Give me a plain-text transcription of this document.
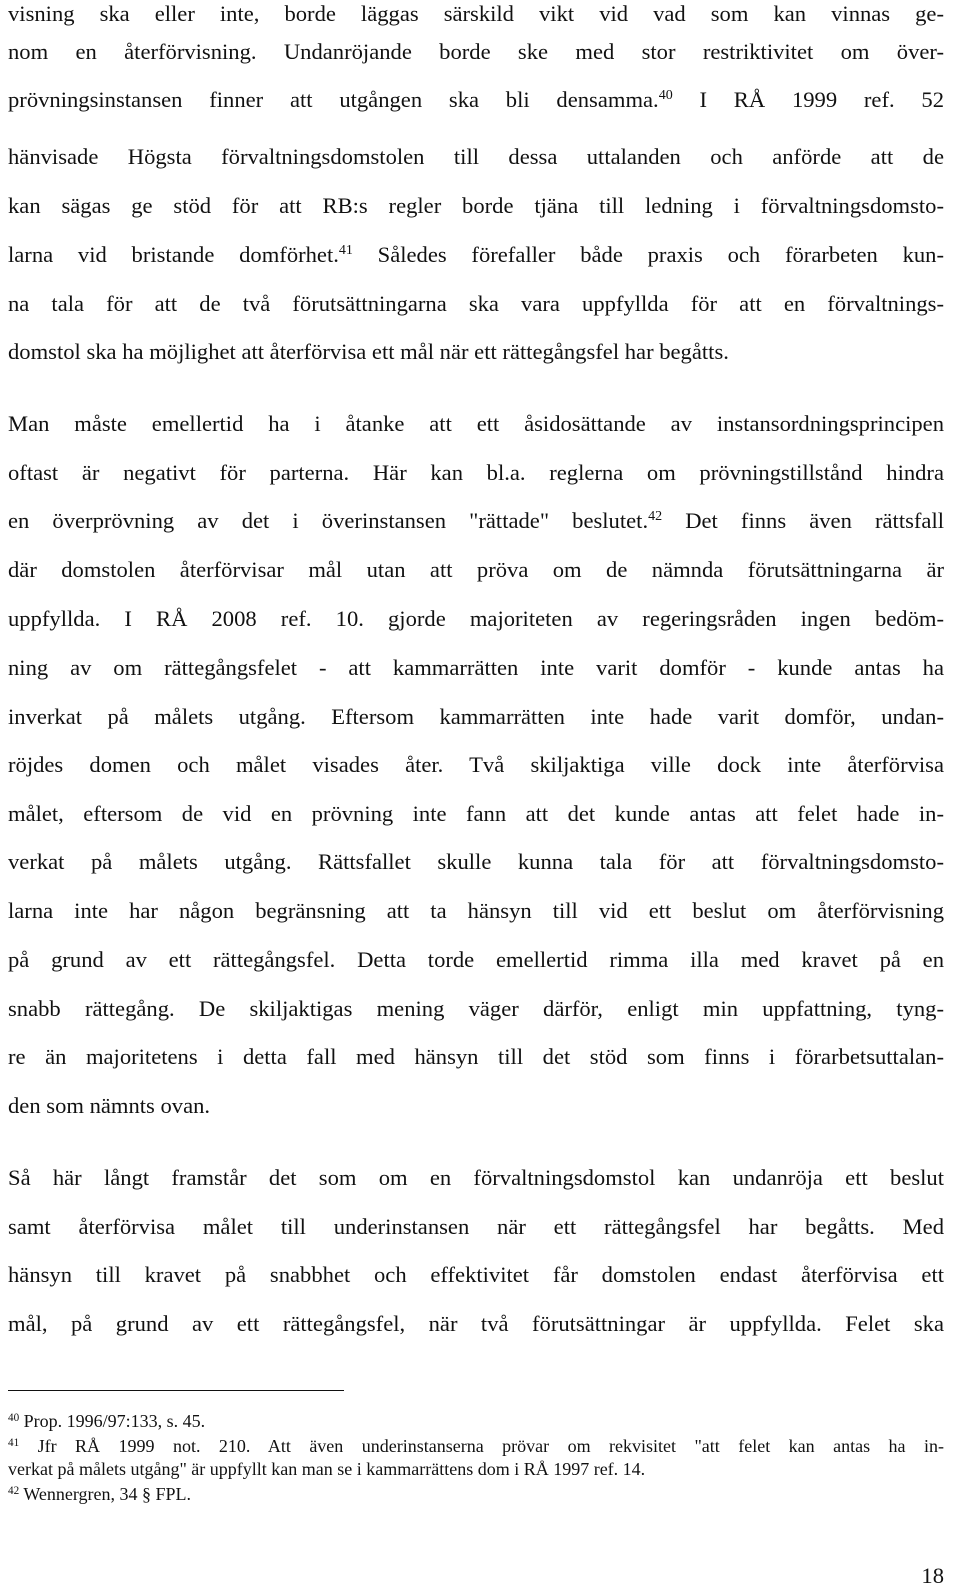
visning ska eller inte, borde läggas särskild vikt vid vad som kan vinnas ge-
nom en återförvisning. Undanröjande borde ske med stor restriktivitet om över-
prövningsinstansen finner att utgången ska bli densamma.$^{40}$ I RÅ 1999 ref. 52
hänvisade Högsta förvaltningsdomstolen till dessa uttalanden och anförde att de
kan sägas ge stöd för att RB:s regler borde tjäna till ledning i förvaltningsdomsto-
larna vid bristande domförhet.$^{41}$ Således förefaller både praxis och förarbeten kun-
na tala för att de två förutsättningarna ska vara uppfyllda för att en förvaltnings-
domstol ska ha möjlighet att återförvisa ett mål när ett rättegångsfel har begåtts.
Man måste emellertid ha i åtanke att ett åsidosättande av instansordningsprincipen
oftast är negativt för parterna. Här kan bl.a. reglerna om prövningstillstånd hindra
en överprövning av det i överinstansen "rättade" beslutet.$^{42}$ Det finns även rättsfall
där domstolen återförvisar mål utan att pröva om de nämnda förutsättningarna är
uppfyllda. I RÅ 2008 ref. 10. gjorde majoriteten av regeringsråden ingen bedöm-
ning av om rättegångsfelet - att kammarrätten inte varit domför - kunde antas ha
inverkat på målets utgång. Eftersom kammarrätten inte hade varit domför, undan-
röjdes domen och målet visades åter. Två skiljaktiga ville dock inte återförvisa
målet, eftersom de vid en prövning inte fann att det kunde antas att felet hade in-
verkat på målets utgång. Rättsfallet skulle kunna tala för att förvaltningsdomsto-
larna inte har någon begränsning att ta hänsyn till vid ett beslut om återförvisning
på grund av ett rättegångsfel. Detta torde emellertid rimma illa med kravet på en
snabb rättegång. De skiljaktigas mening väger därför, enligt min uppfattning, tyng-
re än majoritetens i detta fall med hänsyn till det stöd som finns i förarbetsuttalan-
den som nämnts ovan.
Så här långt framstår det som om en förvaltningsdomstol kan undanröja ett beslut
samt återförvisa målet till underinstansen när ett rättegångsfel har begåtts. Med
hänsyn till kravet på snabbhet och effektivitet får domstolen endast återförvisa ett
mål, på grund av ett rättegångsfel, när två förutsättningar är uppfyllda. Felet ska
$^{40}$ Prop. 1996/97:133, s. 45.
$^{41}$ Jfr RÅ 1999 not. 210. Att även underinstanserna prövar om rekvisitet "att felet kan antas ha in-
verkat på målets utgång" är uppfyllt kan man se i kammarrättens dom i RÅ 1997 ref. 14.
$^{42}$ Wennergren, 34 § FPL.
18
